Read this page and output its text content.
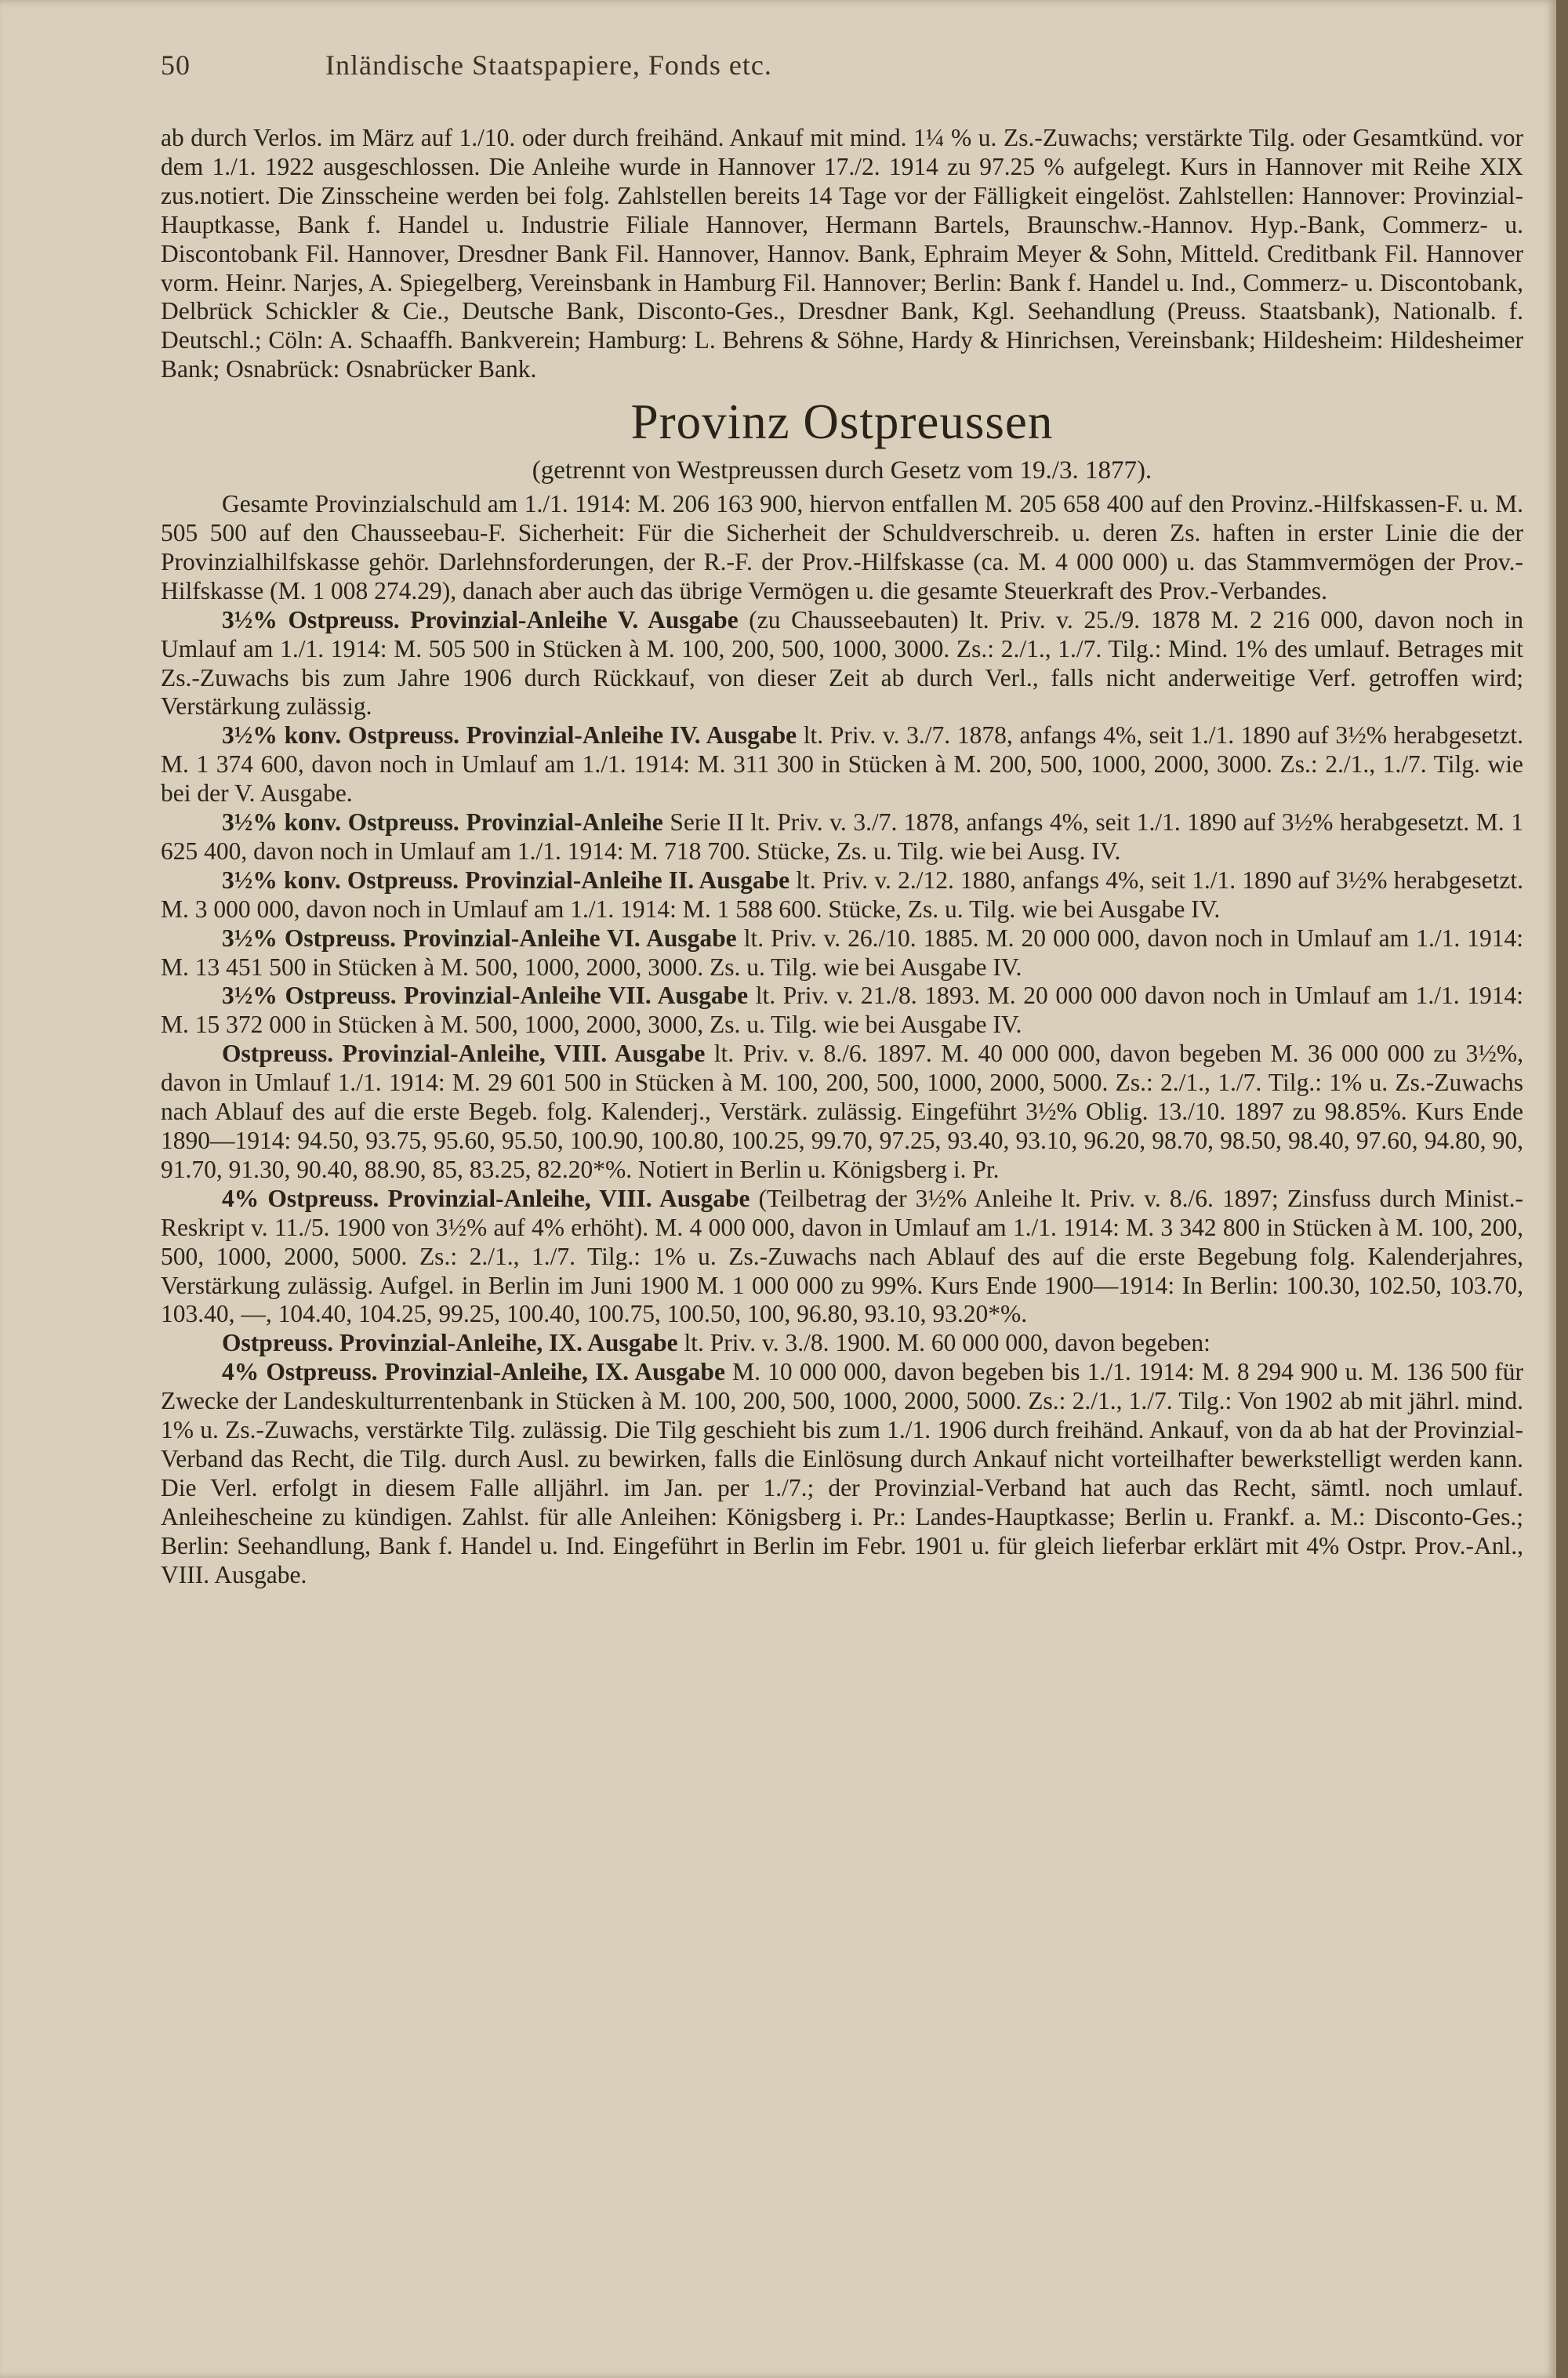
50	Inländische Staatspapiere, Fonds etc.

ab durch Verlos. im März auf 1./10. oder durch freihänd. Ankauf mit mind. 1¼ % u. Zs.-Zuwachs; verstärkte Tilg. oder Gesamtkünd. vor dem 1./1. 1922 ausgeschlossen. Die Anleihe wurde in Hannover 17./2. 1914 zu 97.25 % aufgelegt. Kurs in Hannover mit Reihe XIX zus.notiert. Die Zinsscheine werden bei folg. Zahlstellen bereits 14 Tage vor der Fälligkeit eingelöst. Zahlstellen: Hannover: Provinzial-Hauptkasse, Bank f. Handel u. Industrie Filiale Hannover, Hermann Bartels, Braunschw.-Hannov. Hyp.-Bank, Commerz- u. Discontobank Fil. Hannover, Dresdner Bank Fil. Hannover, Hannov. Bank, Ephraim Meyer & Sohn, Mitteld. Creditbank Fil. Hannover vorm. Heinr. Narjes, A. Spiegelberg, Vereinsbank in Hamburg Fil. Hannover; Berlin: Bank f. Handel u. Ind., Commerz- u. Discontobank, Delbrück Schickler & Cie., Deutsche Bank, Disconto-Ges., Dresdner Bank, Kgl. Seehandlung (Preuss. Staatsbank), Nationalb. f. Deutschl.; Cöln: A. Schaaffh. Bankverein; Hamburg: L. Behrens & Söhne, Hardy & Hinrichsen, Vereinsbank; Hildesheim: Hildesheimer Bank; Osnabrück: Osnabrücker Bank.

Provinz Ostpreussen

(getrennt von Westpreussen durch Gesetz vom 19./3. 1877).

Gesamte Provinzialschuld am 1./1. 1914: M. 206 163 900, hiervon entfallen M. 205 658 400 auf den Provinz.-Hilfskassen-F. u. M. 505 500 auf den Chausseebau-F. Sicherheit: Für die Sicherheit der Schuldverschreib. u. deren Zs. haften in erster Linie die der Provinzialhilfskasse gehör. Darlehnsforderungen, der R.-F. der Prov.-Hilfskasse (ca. M. 4 000 000) u. das Stammvermögen der Prov.-Hilfskasse (M. 1 008 274.29), danach aber auch das übrige Vermögen u. die gesamte Steuerkraft des Prov.-Verbandes.

3½% Ostpreuss. Provinzial-Anleihe V. Ausgabe (zu Chausseebauten) lt. Priv. v. 25./9. 1878 M. 2 216 000, davon noch in Umlauf am 1./1. 1914: M. 505 500 in Stücken à M. 100, 200, 500, 1000, 3000. Zs.: 2./1., 1./7. Tilg.: Mind. 1% des umlauf. Betrages mit Zs.-Zuwachs bis zum Jahre 1906 durch Rückkauf, von dieser Zeit ab durch Verl., falls nicht anderweitige Verf. getroffen wird; Verstärkung zulässig.

3½% konv. Ostpreuss. Provinzial-Anleihe IV. Ausgabe lt. Priv. v. 3./7. 1878, anfangs 4%, seit 1./1. 1890 auf 3½% herabgesetzt. M. 1 374 600, davon noch in Umlauf am 1./1. 1914: M. 311 300 in Stücken à M. 200, 500, 1000, 2000, 3000. Zs.: 2./1., 1./7. Tilg. wie bei der V. Ausgabe.

3½% konv. Ostpreuss. Provinzial-Anleihe Serie II lt. Priv. v. 3./7. 1878, anfangs 4%, seit 1./1. 1890 auf 3½% herabgesetzt. M. 1 625 400, davon noch in Umlauf am 1./1. 1914: M. 718 700. Stücke, Zs. u. Tilg. wie bei Ausg. IV.

3½% konv. Ostpreuss. Provinzial-Anleihe II. Ausgabe lt. Priv. v. 2./12. 1880, anfangs 4%, seit 1./1. 1890 auf 3½% herabgesetzt. M. 3 000 000, davon noch in Umlauf am 1./1. 1914: M. 1 588 600. Stücke, Zs. u. Tilg. wie bei Ausgabe IV.

3½% Ostpreuss. Provinzial-Anleihe VI. Ausgabe lt. Priv. v. 26./10. 1885. M. 20 000 000, davon noch in Umlauf am 1./1. 1914: M. 13 451 500 in Stücken à M. 500, 1000, 2000, 3000. Zs. u. Tilg. wie bei Ausgabe IV.

3½% Ostpreuss. Provinzial-Anleihe VII. Ausgabe lt. Priv. v. 21./8. 1893. M. 20 000 000 davon noch in Umlauf am 1./1. 1914: M. 15 372 000 in Stücken à M. 500, 1000, 2000, 3000, Zs. u. Tilg. wie bei Ausgabe IV.

Ostpreuss. Provinzial-Anleihe, VIII. Ausgabe lt. Priv. v. 8./6. 1897. M. 40 000 000, davon begeben M. 36 000 000 zu 3½%, davon in Umlauf 1./1. 1914: M. 29 601 500 in Stücken à M. 100, 200, 500, 1000, 2000, 5000. Zs.: 2./1., 1./7. Tilg.: 1% u. Zs.-Zuwachs nach Ablauf des auf die erste Begeb. folg. Kalenderj., Verstärk. zulässig. Eingeführt 3½% Oblig. 13./10. 1897 zu 98.85%. Kurs Ende 1890—1914: 94.50, 93.75, 95.60, 95.50, 100.90, 100.80, 100.25, 99.70, 97.25, 93.40, 93.10, 96.20, 98.70, 98.50, 98.40, 97.60, 94.80, 90, 91.70, 91.30, 90.40, 88.90, 85, 83.25, 82.20*%. Notiert in Berlin u. Königsberg i. Pr.

4% Ostpreuss. Provinzial-Anleihe, VIII. Ausgabe (Teilbetrag der 3½% Anleihe lt. Priv. v. 8./6. 1897; Zinsfuss durch Minist.-Reskript v. 11./5. 1900 von 3½% auf 4% erhöht). M. 4 000 000, davon in Umlauf am 1./1. 1914: M. 3 342 800 in Stücken à M. 100, 200, 500, 1000, 2000, 5000. Zs.: 2./1., 1./7. Tilg.: 1% u. Zs.-Zuwachs nach Ablauf des auf die erste Begebung folg. Kalenderjahres, Verstärkung zulässig. Aufgel. in Berlin im Juni 1900 M. 1 000 000 zu 99%. Kurs Ende 1900—1914: In Berlin: 100.30, 102.50, 103.70, 103.40, —, 104.40, 104.25, 99.25, 100.40, 100.75, 100.50, 100, 96.80, 93.10, 93.20*%.

Ostpreuss. Provinzial-Anleihe, IX. Ausgabe lt. Priv. v. 3./8. 1900. M. 60 000 000, davon begeben:

4% Ostpreuss. Provinzial-Anleihe, IX. Ausgabe M. 10 000 000, davon begeben bis 1./1. 1914: M. 8 294 900 u. M. 136 500 für Zwecke der Landeskulturrentenbank in Stücken à M. 100, 200, 500, 1000, 2000, 5000. Zs.: 2./1., 1./7. Tilg.: Von 1902 ab mit jährl. mind. 1% u. Zs.-Zuwachs, verstärkte Tilg. zulässig. Die Tilg geschieht bis zum 1./1. 1906 durch freihänd. Ankauf, von da ab hat der Provinzial-Verband das Recht, die Tilg. durch Ausl. zu bewirken, falls die Einlösung durch Ankauf nicht vorteilhafter bewerkstelligt werden kann. Die Verl. erfolgt in diesem Falle alljährl. im Jan. per 1./7.; der Provinzial-Verband hat auch das Recht, sämtl. noch umlauf. Anleihescheine zu kündigen. Zahlst. für alle Anleihen: Königsberg i. Pr.: Landes-Hauptkasse; Berlin u. Frankf. a. M.: Disconto-Ges.; Berlin: Seehandlung, Bank f. Handel u. Ind. Eingeführt in Berlin im Febr. 1901 u. für gleich lieferbar erklärt mit 4% Ostpr. Prov.-Anl., VIII. Ausgabe.
